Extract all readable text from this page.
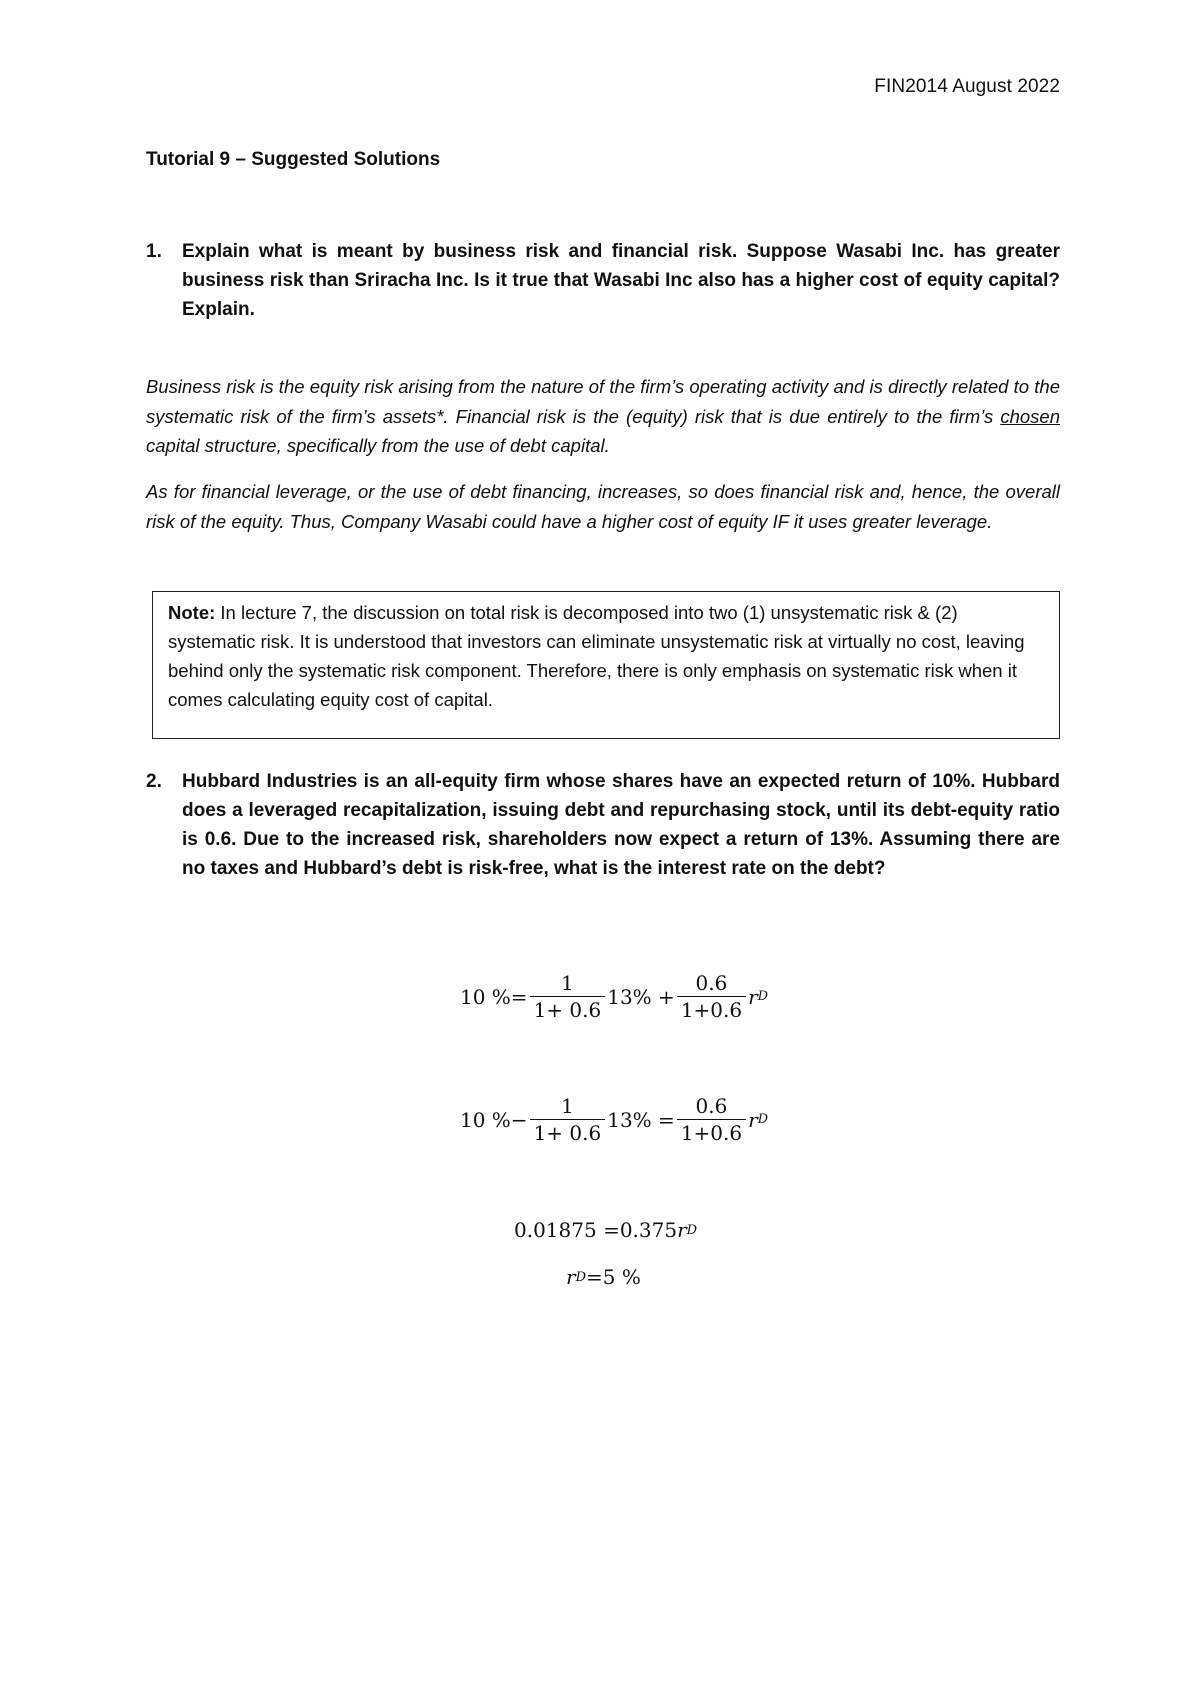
FIN2014 August 2022
Tutorial 9 – Suggested Solutions
1. Explain what is meant by business risk and financial risk. Suppose Wasabi Inc. has greater business risk than Sriracha Inc. Is it true that Wasabi Inc also has a higher cost of equity capital? Explain.
Business risk is the equity risk arising from the nature of the firm’s operating activity and is directly related to the systematic risk of the firm’s assets*. Financial risk is the (equity) risk that is due entirely to the firm’s chosen capital structure, specifically from the use of debt capital.
As for financial leverage, or the use of debt financing, increases, so does financial risk and, hence, the overall risk of the equity. Thus, Company Wasabi could have a higher cost of equity IF it uses greater leverage.
Note: In lecture 7, the discussion on total risk is decomposed into two (1) unsystematic risk & (2) systematic risk. It is understood that investors can eliminate unsystematic risk at virtually no cost, leaving behind only the systematic risk component. Therefore, there is only emphasis on systematic risk when it comes calculating equity cost of capital.
2. Hubbard Industries is an all-equity firm whose shares have an expected return of 10%. Hubbard does a leveraged recapitalization, issuing debt and repurchasing stock, until its debt-equity ratio is 0.6. Due to the increased risk, shareholders now expect a return of 13%. Assuming there are no taxes and Hubbard’s debt is risk-free, what is the interest rate on the debt?
10 %= $\frac{1}{1+ 0.6} 13\% + \frac{0.6}{1+0.6}$ r D
10 %− $\frac{1}{1+ 0.6} 13\% = \frac{0.6}{1+0.6}$ r D
0.01875 =0.375 r D
r D =5 %
